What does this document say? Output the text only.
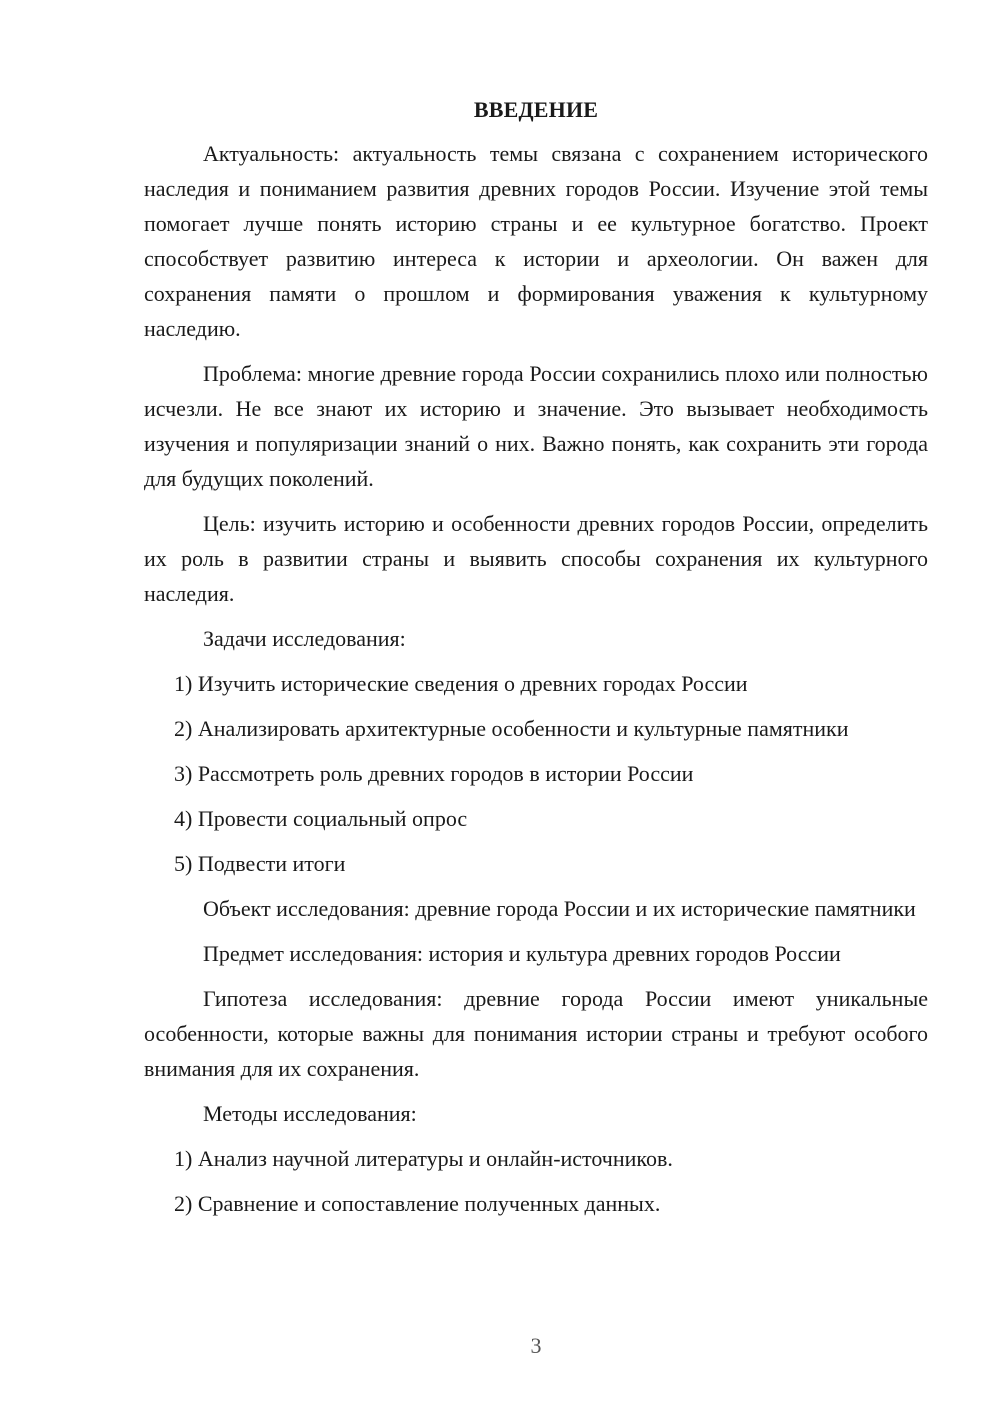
ВВЕДЕНИЕ

Актуальность: актуальность темы связана с сохранением исторического наследия и пониманием развития древних городов России. Изучение этой темы помогает лучше понять историю страны и ее культурное богатство. Проект способствует развитию интереса к истории и археологии. Он важен для сохранения памяти о прошлом и формирования уважения к культурному наследию.

Проблема: многие древние города России сохранились плохо или полностью исчезли. Не все знают их историю и значение. Это вызывает необходимость изучения и популяризации знаний о них. Важно понять, как сохранить эти города для будущих поколений.

Цель: изучить историю и особенности древних городов России, определить их роль в развитии страны и выявить способы сохранения их культурного наследия.

Задачи исследования:

1) Изучить исторические сведения о древних городах России

2) Анализировать архитектурные особенности и культурные памятники

3) Рассмотреть роль древних городов в истории России

4) Провести социальный опрос

5) Подвести итоги

Объект исследования: древние города России и их исторические памятники

Предмет исследования: история и культура древних городов России

Гипотеза исследования: древние города России имеют уникальные особенности, которые важны для понимания истории страны и требуют особого внимания для их сохранения.

Методы исследования:

1) Анализ научной литературы и онлайн-источников.

2) Сравнение и сопоставление полученных данных.

3
